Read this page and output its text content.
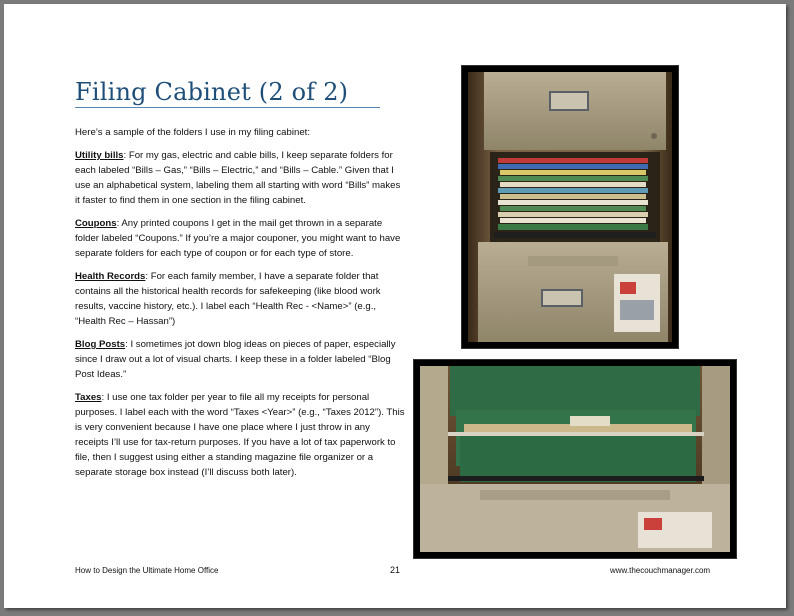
Filing Cabinet (2 of 2)

Here’s a sample of the folders I use in my filing cabinet:

Utility bills: For my gas, electric and cable bills, I keep separate folders for each labeled “Bills – Gas,” “Bills – Electric,” and “Bills – Cable.” Given that I use an alphabetical system, labeling them all starting with word “Bills” makes it faster to find them in one section in the filing cabinet.

Coupons: Any printed coupons I get in the mail get thrown in a separate folder labeled “Coupons.” If you’re a major couponer, you might want to have separate folders for each type of coupon or for each type of store.

Health Records: For each family member, I have a separate folder that contains all the historical health records for safekeeping (like blood work results, vaccine history, etc.). I label each “Health Rec - <Name>” (e.g., “Health Rec – Hassan”)

Blog Posts: I sometimes jot down blog ideas on pieces of paper, especially since I draw out a lot of visual charts. I keep these in a folder labeled “Blog Post Ideas.”

Taxes: I use one tax folder per year to file all my receipts for personal purposes. I label each with the word “Taxes <Year>” (e.g., “Taxes 2012”). This is very convenient because I have one place where I just throw in any receipts I’ll use for tax-return purposes. If you have a lot of tax paperwork to file, then I suggest using either a standing magazine file organizer or a separate storage box instead (I’ll discuss both later).

How to Design the Ultimate Home Office	21	www.thecouchmanager.com
